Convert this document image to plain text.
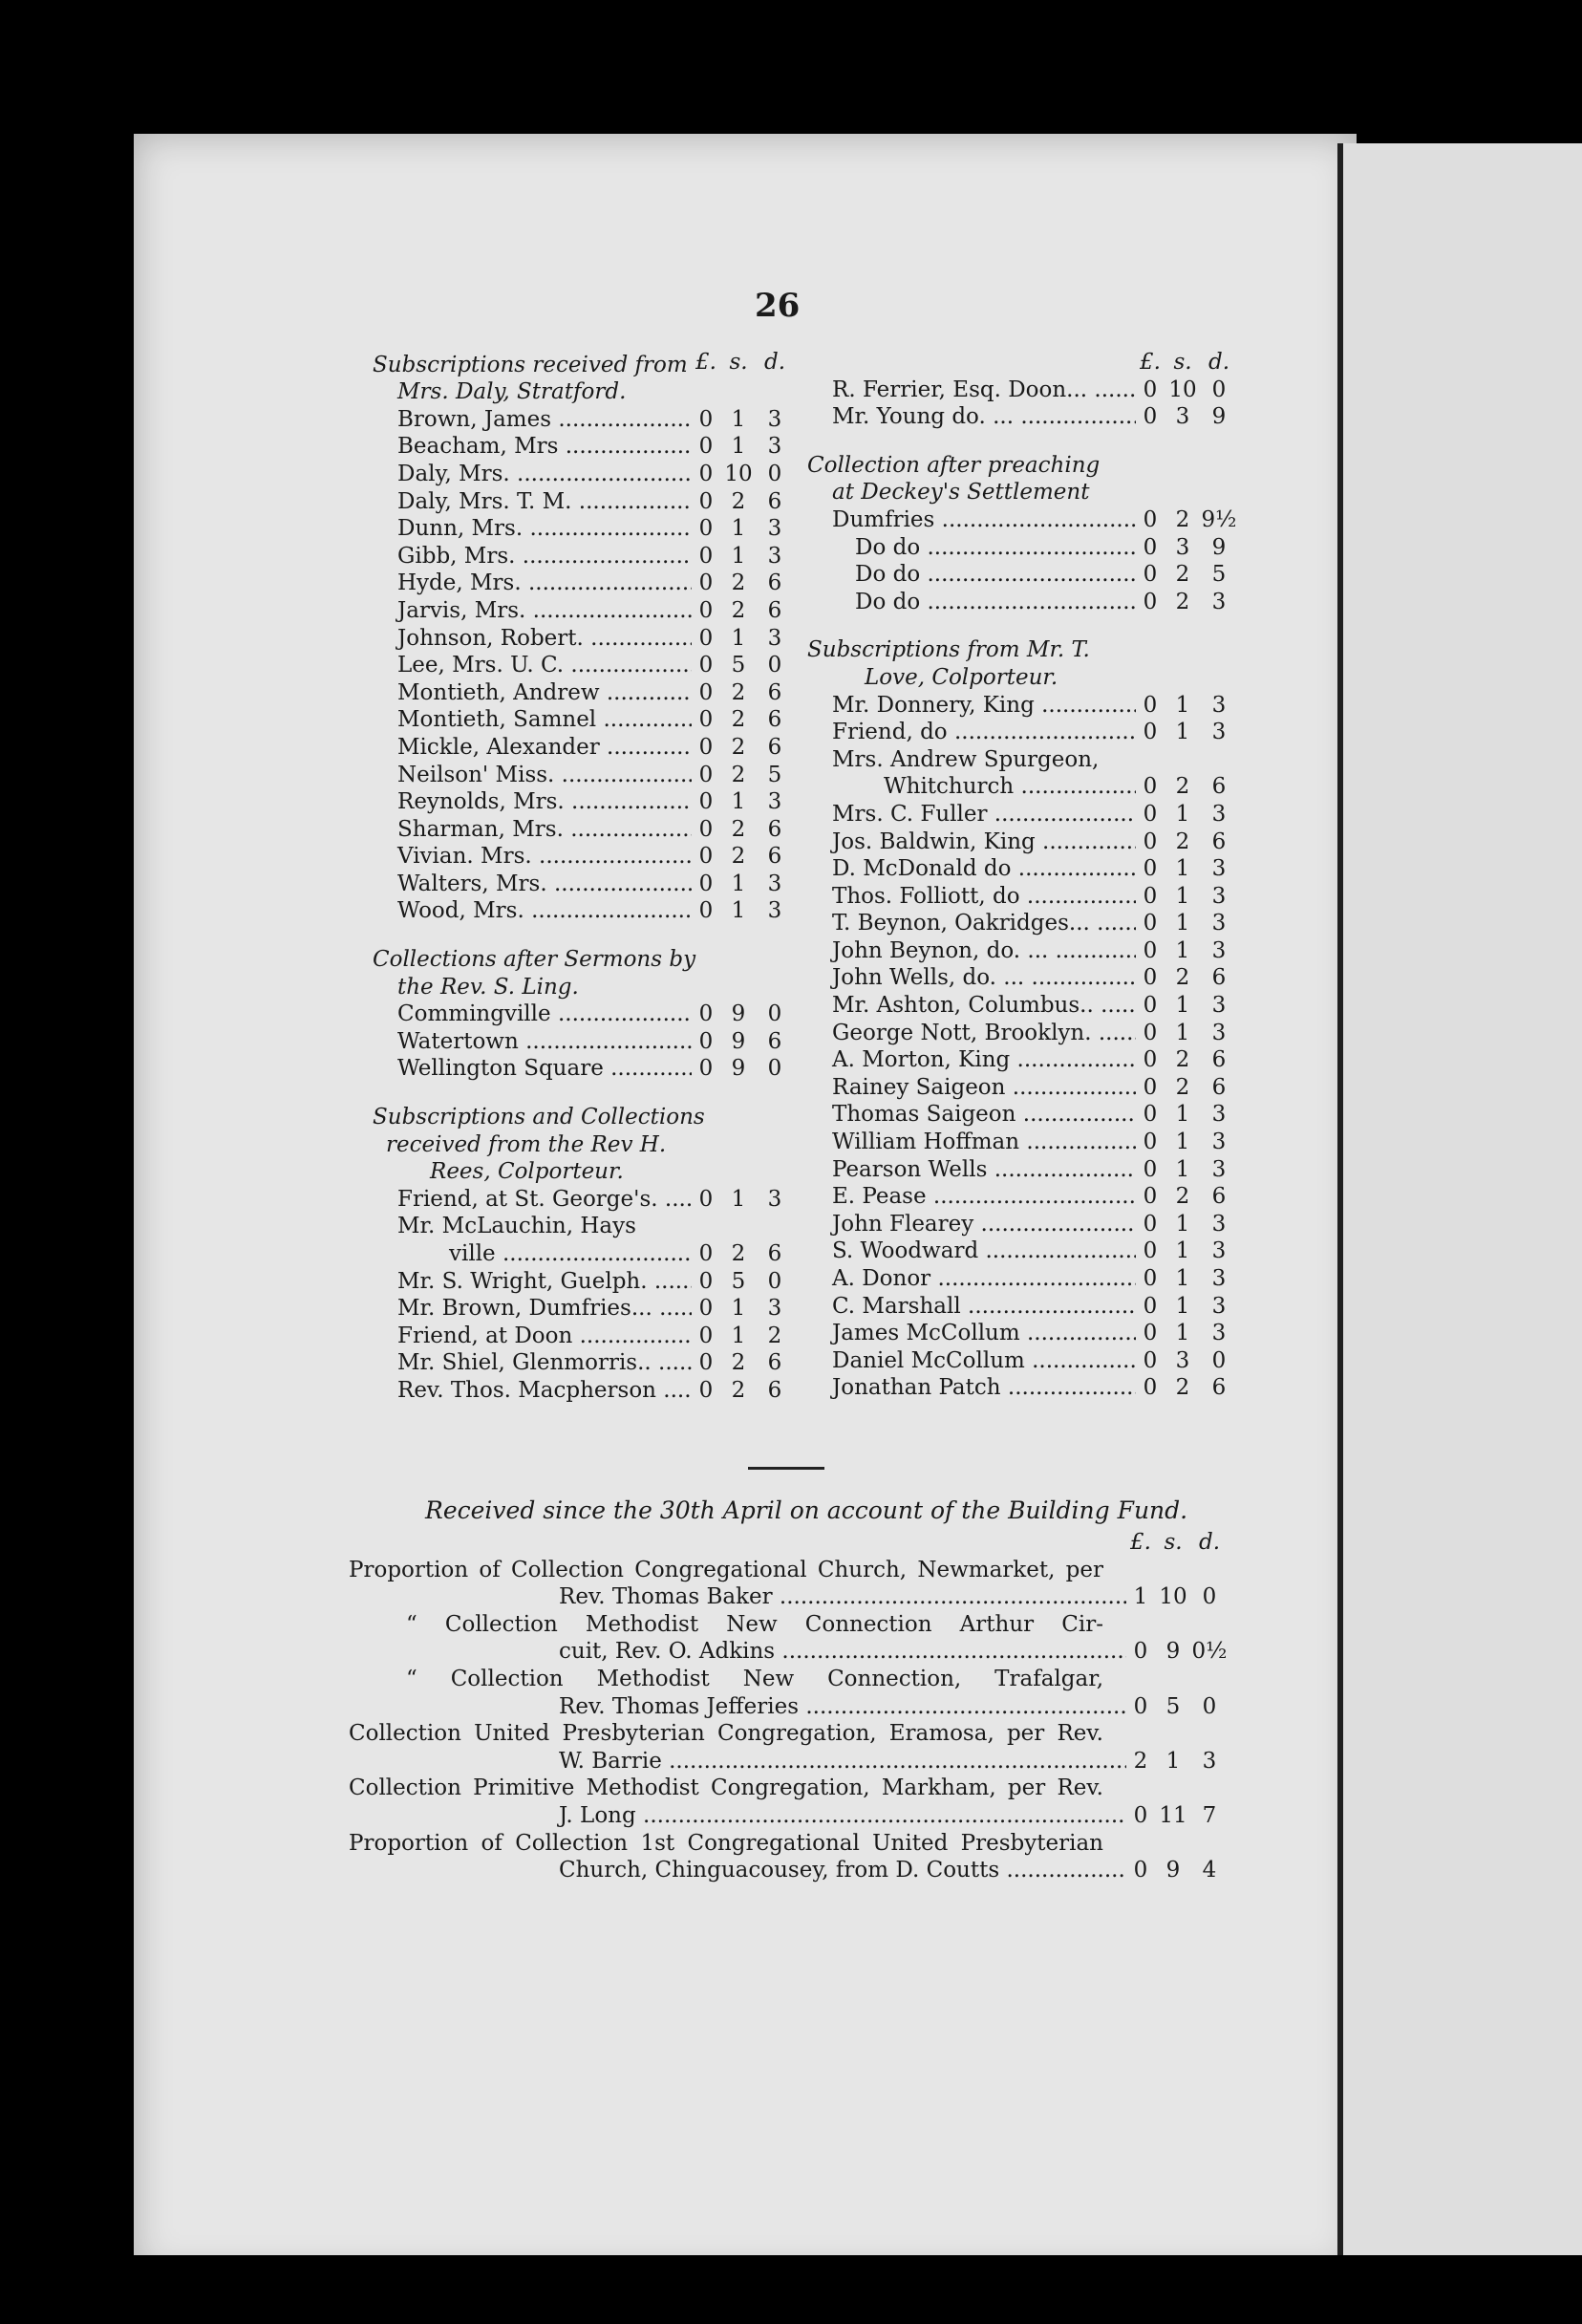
26
£. s. d.
Subscriptions received from
Mrs. Daly, Stratford.
Brown, James .....	0 1	3
Beacham, Mrs .....	0 1	3
Daly, Mrs. .....	0 10 0
Daly, Mrs. T. M. .....	0 2	6
Dunn, Mrs. .....	0 1	3
Gibb, Mrs. .....	0 1	3
Hyde, Mrs. .....	0 2	6
Jarvis, Mrs. .....	0 2	6
Johnson, Robert. .....	0 1	3
Lee, Mrs. U. C. .....	0 5	0
Montieth, Andrew .....	0 2	6
Montieth, Samnel .....	0 2	6
Mickle, Alexander .....	0 2	6
Neilson' Miss. .....	0 2	5
Reynolds, Mrs. .....	0 1	3
Sharman, Mrs. .....	0 2	6
Vivian. Mrs. .....	0 2	6
Walters, Mrs. .....	0 1	3
Wood, Mrs. .....	0 1	3
Collections after Sermons by
the Rev. S. Ling.
Commingville .....	0 9	0
Watertown .....	0 9	6
Wellington Square .....	0 9	0
Subscriptions and Collections
received from the Rev H.
Rees, Colporteur.
Friend, at St. George's. .....	0 1	3
Mr. McLauchin, Hays
ville .....	0 2	6
Mr. S. Wright, Guelph. .....	0 5	0
Mr. Brown, Dumfries... .....	0 1	3
Friend, at Doon .....	0 1	2
Mr. Shiel, Glenmorris.. .....	0 2	6
Rev. Thos. Macpherson .....	0 2	6
£. s. d.
R. Ferrier, Esq. Doon... .....	0 10 0
Mr. Young do. ... .....	0 3	9
Collection after preaching
at Deckey's Settlement
Dumfries .....	0 2 9½
Do do .....	0 3	9
Do do .....	0 2	5
Do do .....	0 2	3
Subscriptions from Mr. T.
Love, Colporteur.
Mr. Donnery, King .....	0 1	3
Friend, do .....	0 1	3
Mrs. Andrew Spurgeon,
Whitchurch .....	0 2	6
Mrs. C. Fuller .....	0 1	3
Jos. Baldwin, King .....	0 2	6
D. McDonald do .....	0 1	3
Thos. Folliott, do .....	0 1	3
T. Beynon, Oakridges... .....	0 1	3
John Beynon, do. ... .....	0 1	3
John Wells, do. ... .....	0 2	6
Mr. Ashton, Columbus.. .....	0 1	3
George Nott, Brooklyn. .....	0 1	3
A. Morton, King .....	0 2	6
Rainey Saigeon .....	0 2	6
Thomas Saigeon .....	0 1	3
William Hoffman .....	0 1	3
Pearson Wells .....	0 1	3
E. Pease .....	0 2	6
John Flearey .....	0 1	3
S. Woodward .....	0 1	3
A. Donor .....	0 1	3
C. Marshall .....	0 1	3
James McCollum .....	0 1	3
Daniel McCollum .....	0 3	0
Jonathan Patch .....	0 2	6
Received since the 30th April on account of the Building Fund.
£. s. d.
Proportion of Collection Congregational Church, Newmarket, per
Rev. Thomas Baker .....	1 10 0
“ Collection Methodist New Connection Arthur Cir-
cuit, Rev. O. Adkins .....	0 9 0½
“ Collection Methodist New Connection, Trafalgar,
Rev. Thomas Jefferies .....	0 5	0
Collection United Presbyterian Congregation, Eramosa, per Rev.
W. Barrie .....	2 1	3
Collection Primitive Methodist Congregation, Markham, per Rev.
J. Long .....	0 11 7
Proportion of Collection 1st Congregational United Presbyterian
Church, Chinguacousey, from D. Coutts .....	0 9	4
